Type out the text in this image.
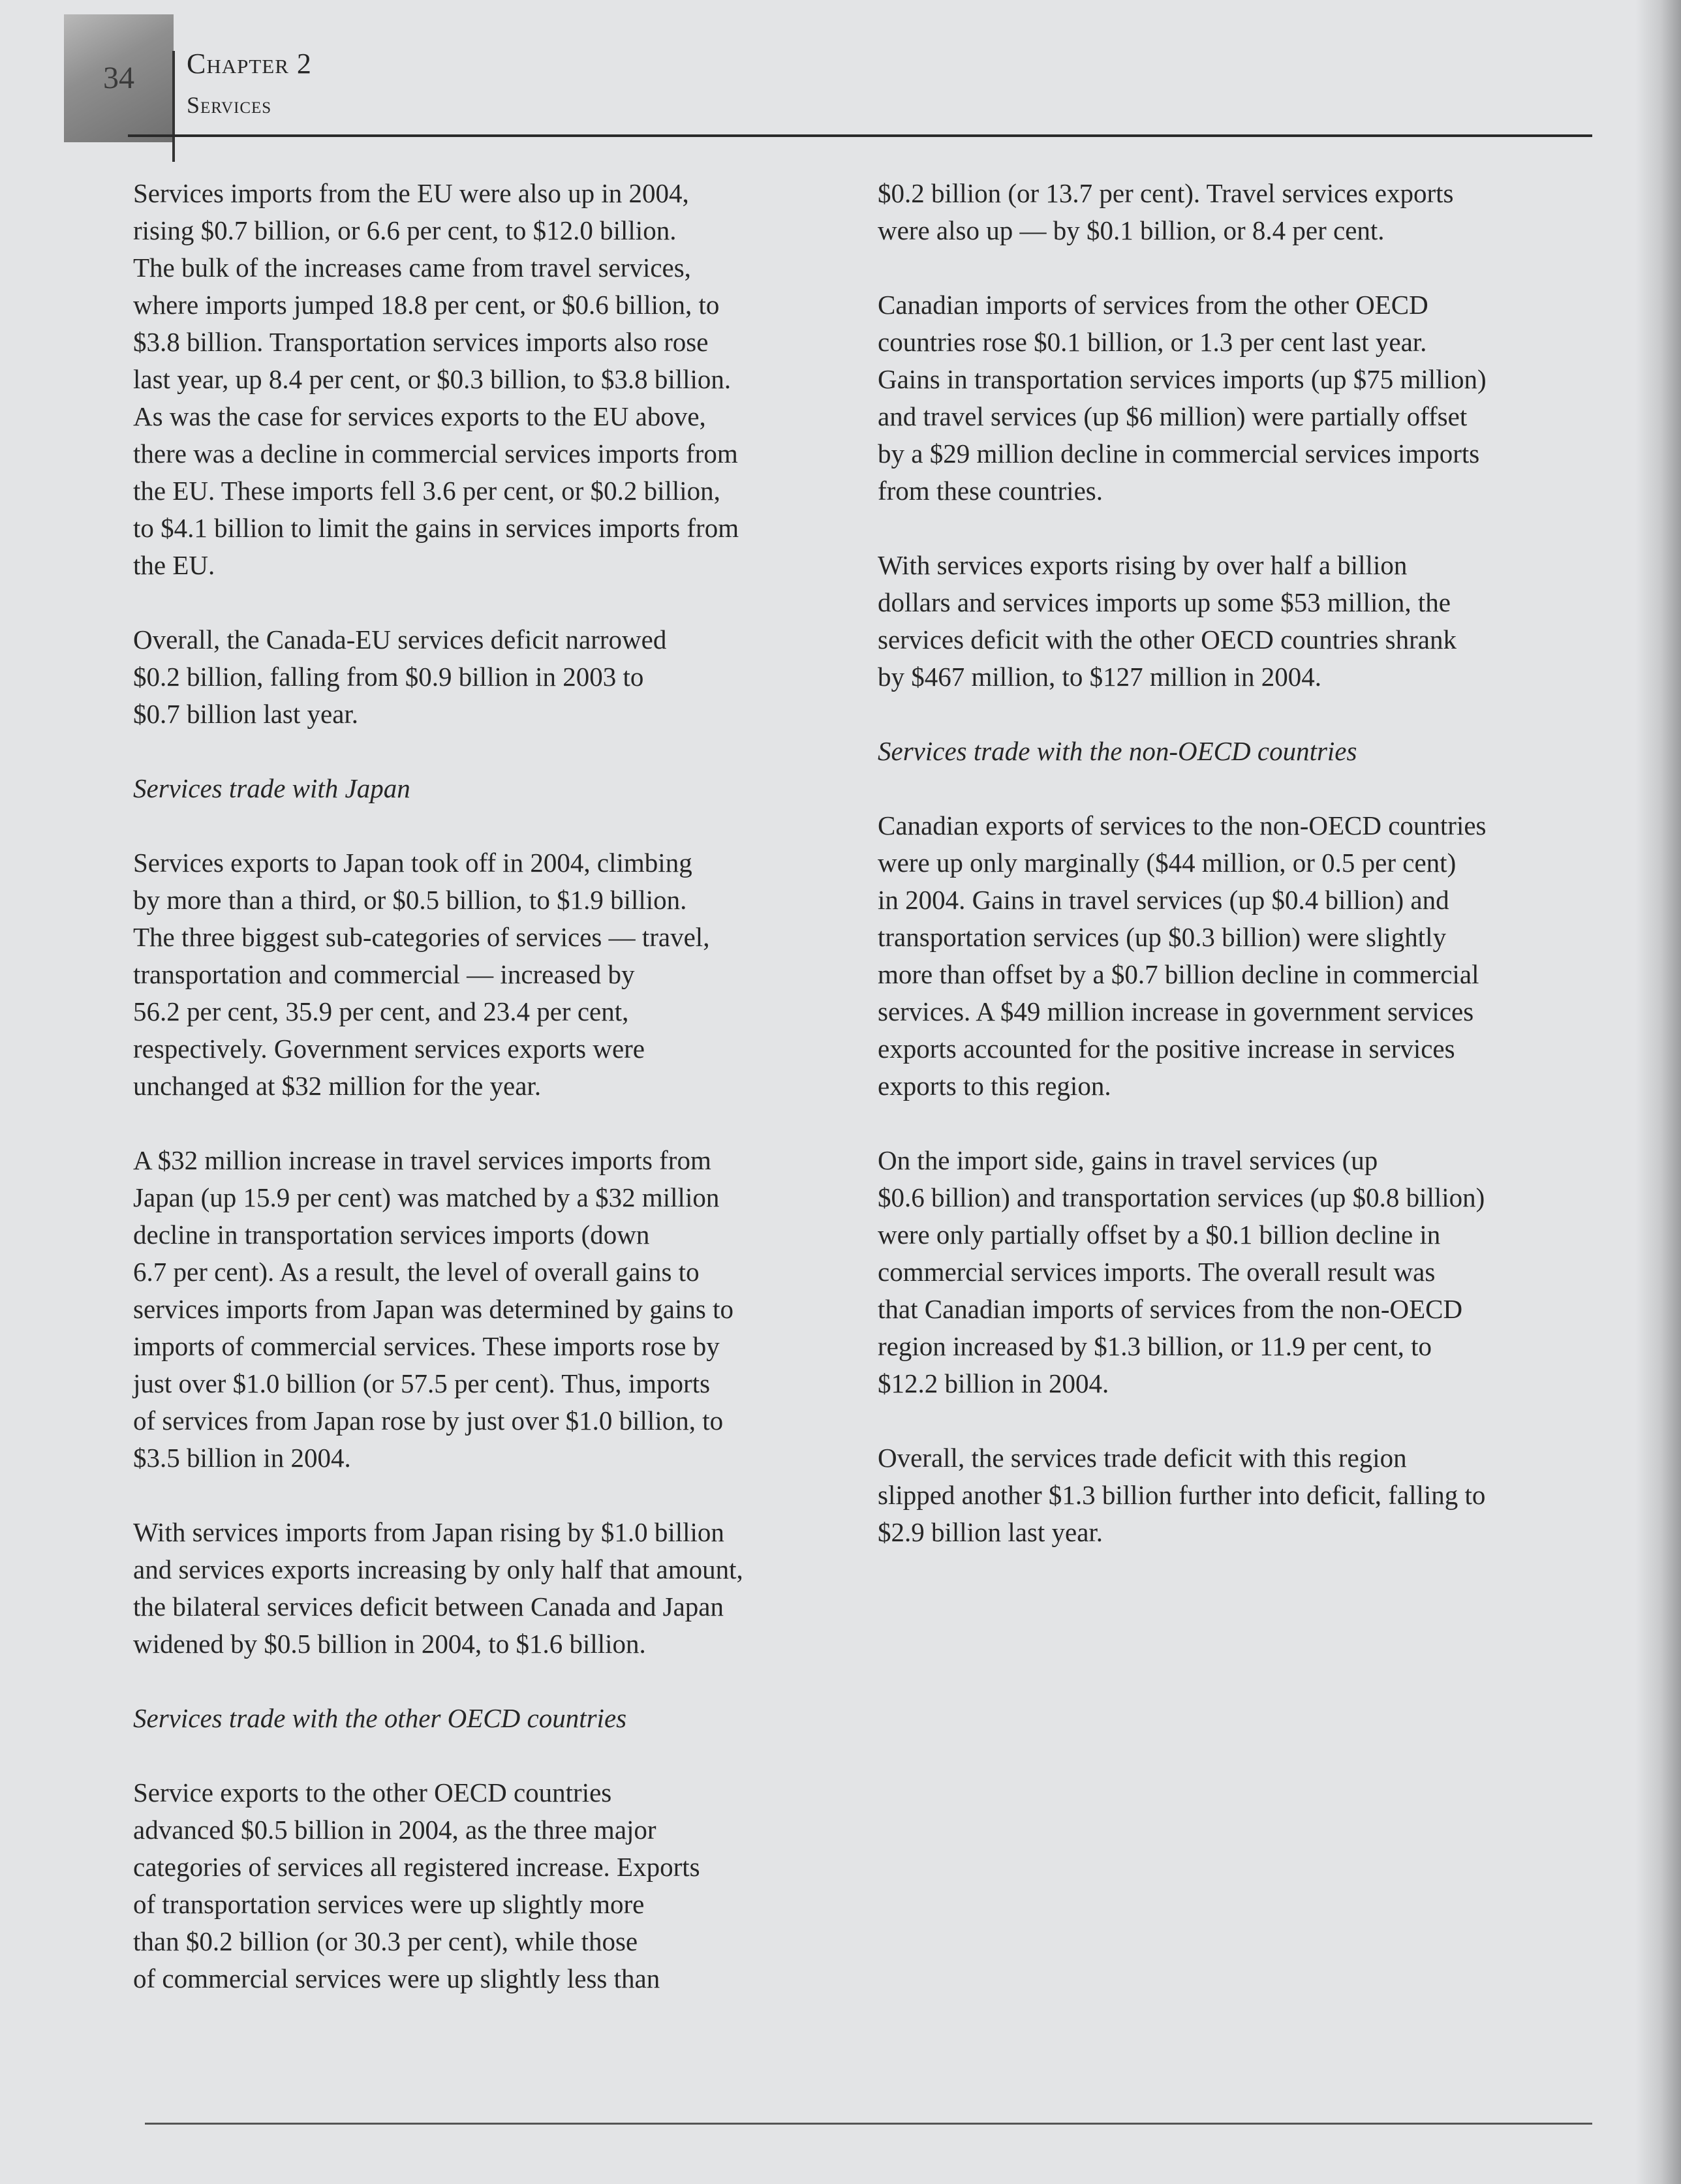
34 Chapter 2
Services
Services imports from the EU were also up in 2004,
rising $0.7 billion, or 6.6 per cent, to $12.0 billion.
The bulk of the increases came from travel services,
where imports jumped 18.8 per cent, or $0.6 billion, to
$3.8 billion. Transportation services imports also rose
last year, up 8.4 per cent, or $0.3 billion, to $3.8 billion.
As was the case for services exports to the EU above,
there was a decline in commercial services imports from
the EU. These imports fell 3.6 per cent, or $0.2 billion,
to $4.1 billion to limit the gains in services imports from
the EU.
Overall, the Canada-EU services deficit narrowed
$0.2 billion, falling from $0.9 billion in 2003 to
$0.7 billion last year.
Services trade with Japan
Services exports to Japan took off in 2004, climbing
by more than a third, or $0.5 billion, to $1.9 billion.
The three biggest sub-categories of services — travel,
transportation and commercial — increased by
56.2 per cent, 35.9 per cent, and 23.4 per cent,
respectively. Government services exports were
unchanged at $32 million for the year.
A $32 million increase in travel services imports from
Japan (up 15.9 per cent) was matched by a $32 million
decline in transportation services imports (down
6.7 per cent). As a result, the level of overall gains to
services imports from Japan was determined by gains to
imports of commercial services. These imports rose by
just over $1.0 billion (or 57.5 per cent). Thus, imports
of services from Japan rose by just over $1.0 billion, to
$3.5 billion in 2004.
With services imports from Japan rising by $1.0 billion
and services exports increasing by only half that amount,
the bilateral services deficit between Canada and Japan
widened by $0.5 billion in 2004, to $1.6 billion.
Services trade with the other OECD countries
Service exports to the other OECD countries
advanced $0.5 billion in 2004, as the three major
categories of services all registered increase. Exports
of transportation services were up slightly more
than $0.2 billion (or 30.3 per cent), while those
of commercial services were up slightly less than
$0.2 billion (or 13.7 per cent). Travel services exports
were also up — by $0.1 billion, or 8.4 per cent.
Canadian imports of services from the other OECD
countries rose $0.1 billion, or 1.3 per cent last year.
Gains in transportation services imports (up $75 million)
and travel services (up $6 million) were partially offset
by a $29 million decline in commercial services imports
from these countries.
With services exports rising by over half a billion
dollars and services imports up some $53 million, the
services deficit with the other OECD countries shrank
by $467 million, to $127 million in 2004.
Services trade with the non-OECD countries
Canadian exports of services to the non-OECD countries
were up only marginally ($44 million, or 0.5 per cent)
in 2004. Gains in travel services (up $0.4 billion) and
transportation services (up $0.3 billion) were slightly
more than offset by a $0.7 billion decline in commercial
services. A $49 million increase in government services
exports accounted for the positive increase in services
exports to this region.
On the import side, gains in travel services (up
$0.6 billion) and transportation services (up $0.8 billion)
were only partially offset by a $0.1 billion decline in
commercial services imports. The overall result was
that Canadian imports of services from the non-OECD
region increased by $1.3 billion, or 11.9 per cent, to
$12.2 billion in 2004.
Overall, the services trade deficit with this region
slipped another $1.3 billion further into deficit, falling to
$2.9 billion last year.
